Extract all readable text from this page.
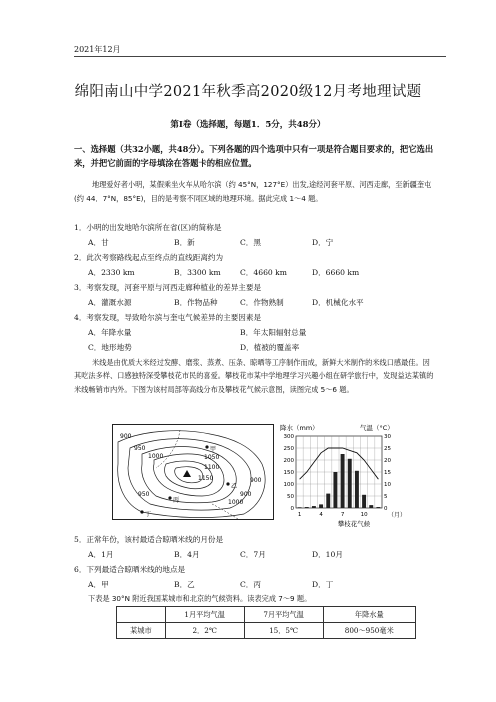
2021年12月
绵阳南山中学2021年秋季高2020级12月考地理试题
第I卷（选择题，每题1．5分，共48分）
一、选择题（共32小题，共48分）。下列各题的四个选项中只有一项是符合题目要求的，把它选出来，并把它前面的字母填涂在答题卡的相应位置。
地理爱好者小明，某假乘坐火车从哈尔滨（约 45°N，127°E）出发,途经河套平原、河西走廊，至新疆奎屯(约 44．7°N，85°E)，目的是考察不同区域的地理环境。据此完成 1～4 题。
1．小明的出发地哈尔滨所在省(区)的简称是
A．甘	B．新	C．黑	D．宁
2．此次考察路线起点至终点的直线距离约为
A．2330 km	B．3300 km	C．4660 km	D．6660 km
3．考察发现，河套平原与河西走廊种植业的差异主要是
A．灌溉水源	B．作物品种	C．作物熟制	D．机械化水平
4．考察发现，导致哈尔滨与奎屯气候差异的主要因素是
A．年降水量	B．年太阳辐射总量
C．地形地势	D．植被的覆盖率
米线是由优质大米经过发酵、磨浆、蒸煮、压条、晾晒等工序制作而成，新鲜大米制作的米线口感最佳。因其吃法多样、口感独特深受攀枝花市民的喜爱。攀枝花市某中学地理学习兴趣小组在研学旅行中，发现益达某镇的米线畅销市内外。下图为该村局部等高线分布及攀枝花气候示意图，读图完成 5～6 题。
900
950
1000	1050
1100
1150
950	900
1000
900
甲
乙
丙
丁
降水（mm）	气温（°C）
300	30
250	25
200	20
150	15
100	10
50	5
0	0
1	4	7	10
攀枝花气候
（月）
5．正常年份，该村最适合晾晒米线的月份是
A．1月	B．4月	C．7月	D．10月
6．下列最适合晾晒米线的地点是
A．甲	B．乙	C．丙	D．丁
下表是 30°N 附近我国某城市和北京的气候资料。读表完成 7～9 题。
	1月平均气温	7月平均气温	年降水量
某城市	2．2℃	15．5℃	800～950毫米
